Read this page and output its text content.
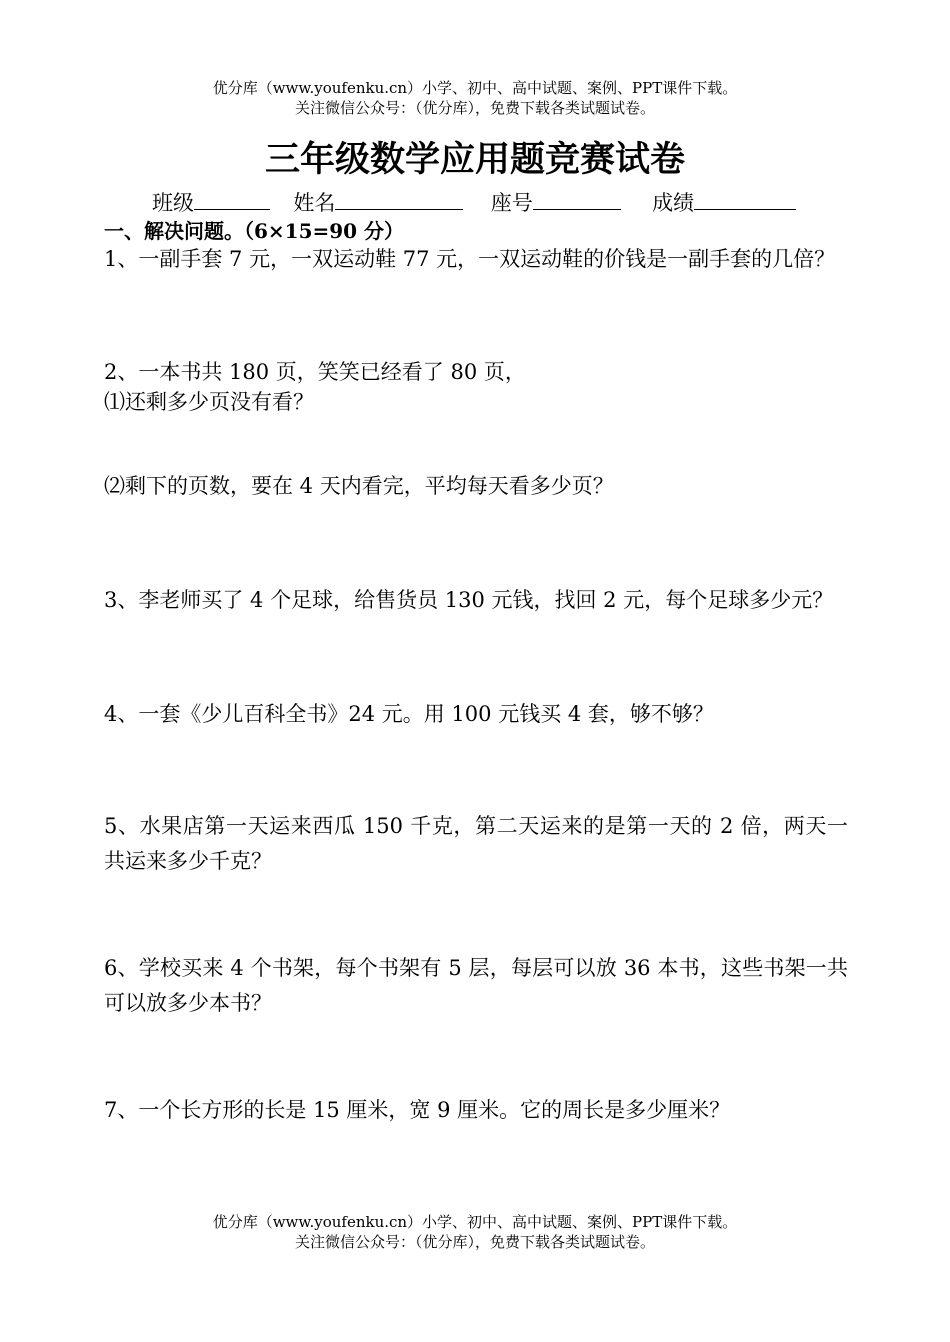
优分库（www.youfenku.cn）小学、初中、高中试题、案例、PPT课件下载。
关注微信公众号：（优分库），免费下载各类试题试卷。
三年级数学应用题竞赛试卷
班级	姓名	座号	成绩
一、解决问题。（6×15=90 分）
1、一副手套 7 元，一双运动鞋 77 元，一双运动鞋的价钱是一副手套的几倍？
2、一本书共 180 页，笑笑已经看了 80 页，
⑴还剩多少页没有看？
⑵剩下的页数，要在 4 天内看完，平均每天看多少页？
3、李老师买了 4 个足球，给售货员 130 元钱，找回 2 元，每个足球多少元？
4、一套《少儿百科全书》24 元。用 100 元钱买 4 套，够不够？
5、水果店第一天运来西瓜 150 千克，第二天运来的是第一天的 2 倍，两天一共运来多少千克？
6、学校买来 4 个书架，每个书架有 5 层，每层可以放 36 本书，这些书架一共可以放多少本书？
7、一个长方形的长是 15 厘米，宽 9 厘米。它的周长是多少厘米？
优分库（www.youfenku.cn）小学、初中、高中试题、案例、PPT课件下载。
关注微信公众号：（优分库），免费下载各类试题试卷。
